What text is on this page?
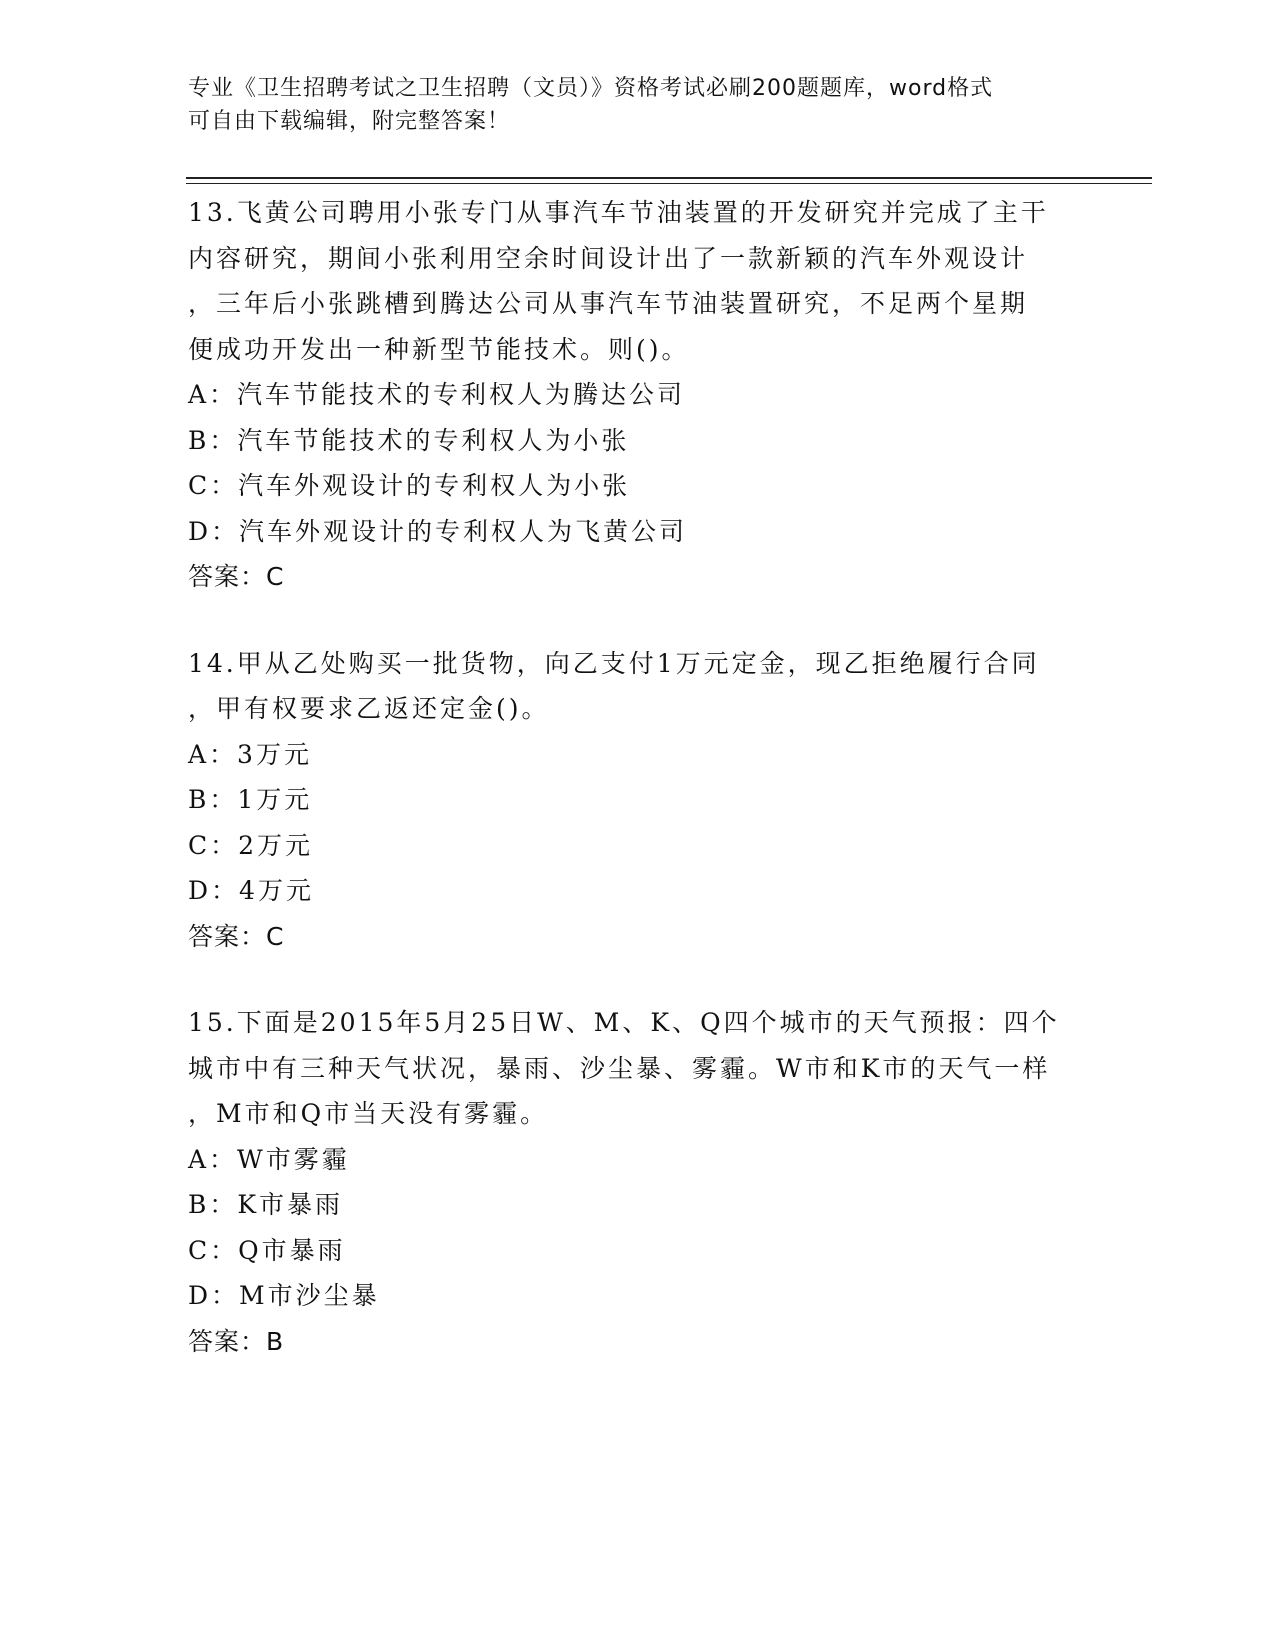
专业《卫生招聘考试之卫生招聘（文员）》资格考试必刷200题题库，word格式

可自由下载编辑，附完整答案！

13.飞黄公司聘用小张专门从事汽车节油装置的开发研究并完成了主干

内容研究，期间小张利用空余时间设计出了一款新颖的汽车外观设计

，三年后小张跳槽到腾达公司从事汽车节油装置研究，不足两个星期

便成功开发出一种新型节能技术。则()。

A：汽车节能技术的专利权人为腾达公司

B：汽车节能技术的专利权人为小张

C：汽车外观设计的专利权人为小张

D：汽车外观设计的专利权人为飞黄公司

答案：C

14.甲从乙处购买一批货物，向乙支付1万元定金，现乙拒绝履行合同

，甲有权要求乙返还定金()。

A：3万元

B：1万元

C：2万元

D：4万元

答案：C

15.下面是2015年5月25日W、M、K、Q四个城市的天气预报：四个

城市中有三种天气状况，暴雨、沙尘暴、雾霾。W市和K市的天气一样

，M市和Q市当天没有雾霾。

A：W市雾霾

B：K市暴雨

C：Q市暴雨

D：M市沙尘暴

答案：B
